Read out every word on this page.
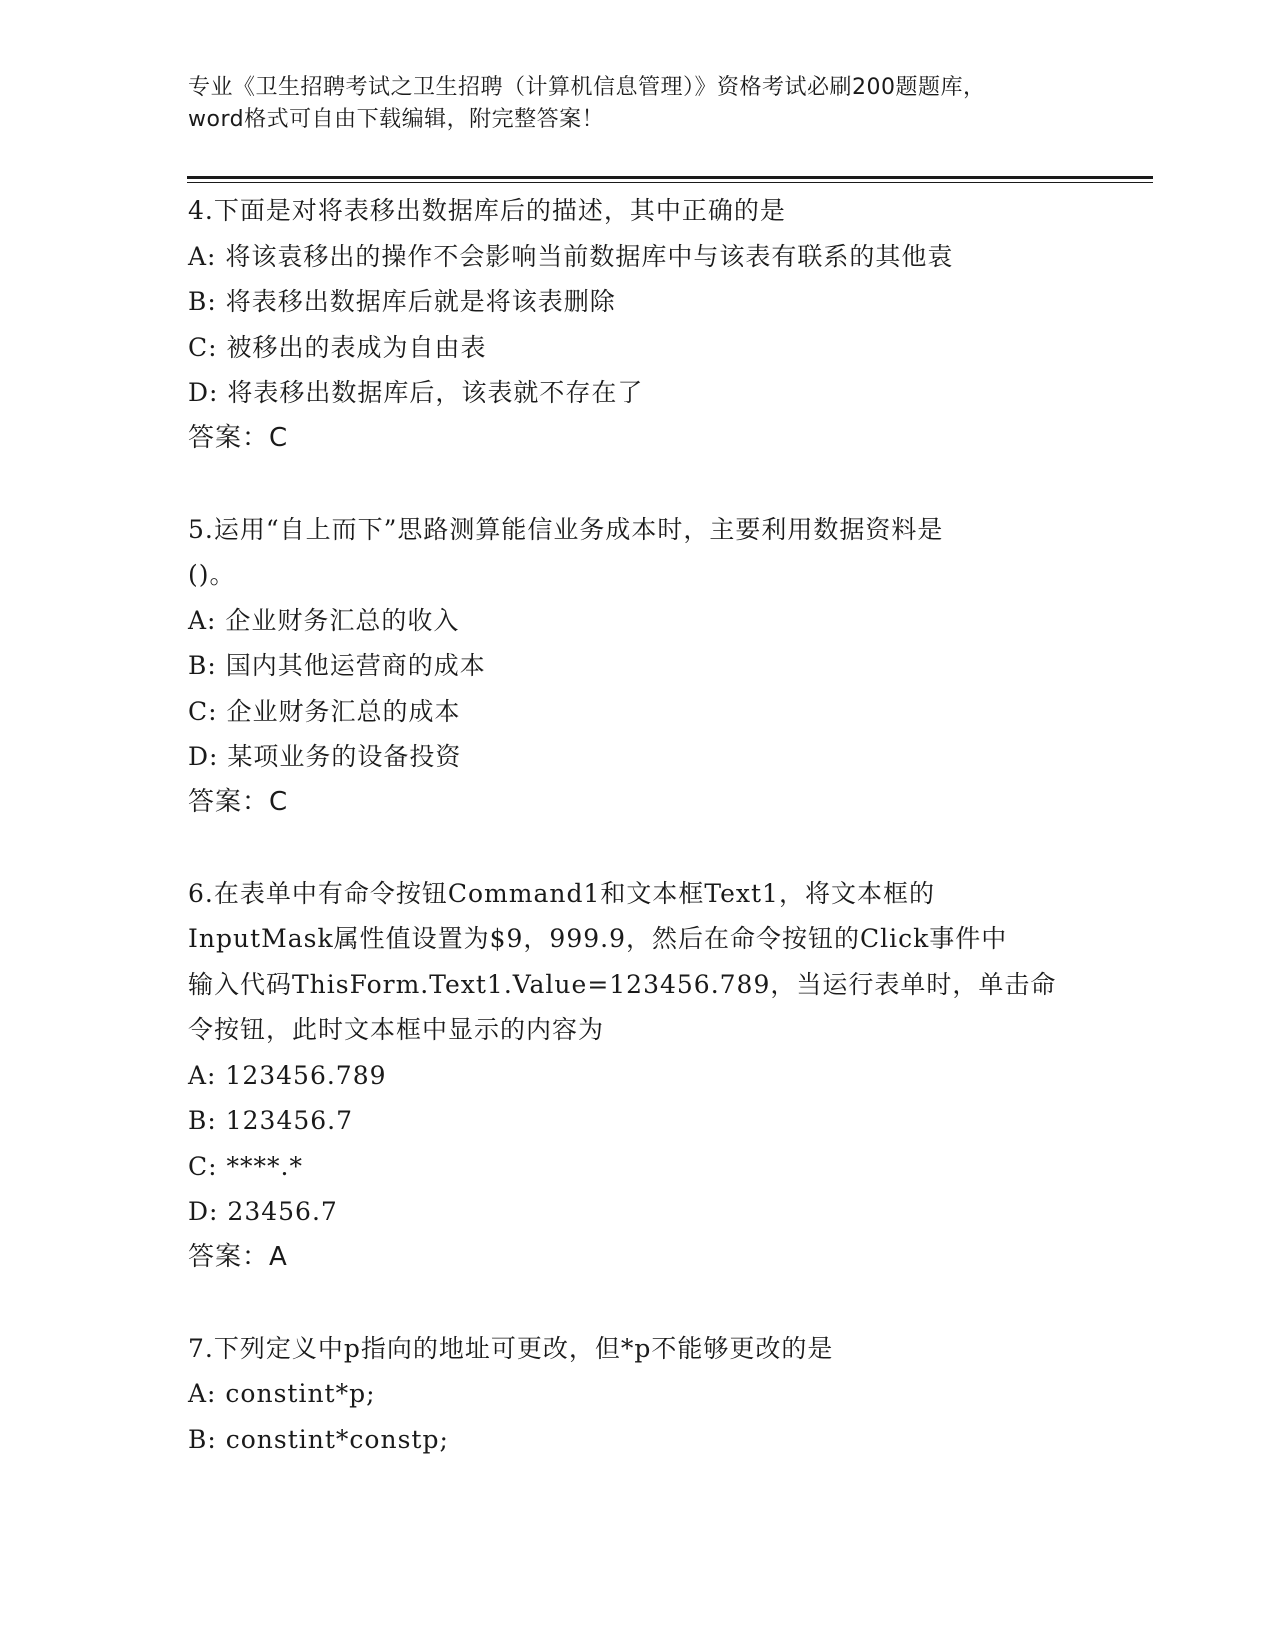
专业《卫生招聘考试之卫生招聘（计算机信息管理）》资格考试必刷200题题库，
word格式可自由下载编辑，附完整答案！
4.下面是对将表移出数据库后的描述，其中正确的是
A: 将该袁移出的操作不会影响当前数据库中与该表有联系的其他袁
B: 将表移出数据库后就是将该表删除
C: 被移出的表成为自由表
D: 将表移出数据库后，该表就不存在了
答案：C
5.运用“自上而下”思路测算能信业务成本时，主要利用数据资料是
()。
A: 企业财务汇总的收入
B: 国内其他运营商的成本
C: 企业财务汇总的成本
D: 某项业务的设备投资
答案：C
6.在表单中有命令按钮Command1和文本框Text1，将文本框的
InputMask属性值设置为$9，999.9，然后在命令按钮的Click事件中
输入代码ThisForm.Text1.Value=123456.789，当运行表单时，单击命
令按钮，此时文本框中显示的内容为
A: 123456.789
B: 123456.7
C: ****.*
D: 23456.7
答案：A
7.下列定义中p指向的地址可更改，但*p不能够更改的是
A: constint*p;
B: constint*constp;
